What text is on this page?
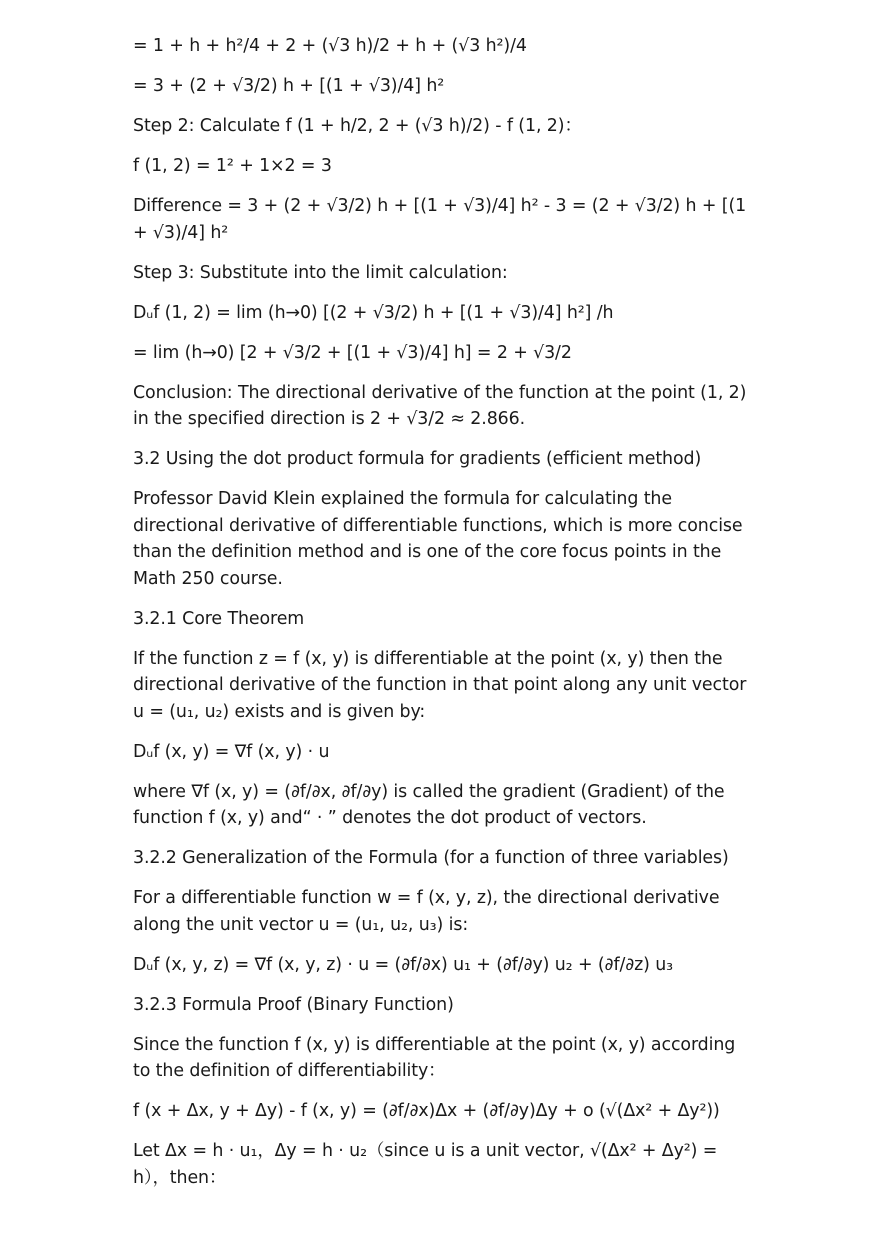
= 1 + h + h²/4 + 2 + (√3 h)/2 + h + (√3 h²)/4

= 3 + (2 + √3/2) h + [(1 + √3)/4] h²

Step 2: Calculate f (1 + h/2, 2 + (√3 h)/2) - f (1, 2)：

f (1, 2) = 1² + 1×2 = 3

Difference = 3 + (2 + √3/2) h + [(1 + √3)/4] h² - 3 = (2 + √3/2) h + [(1 + √3)/4] h²

Step 3: Substitute into the limit calculation:

Dᵤf (1, 2) = lim (h→0) [(2 + √3/2) h + [(1 + √3)/4] h²] /h

= lim (h→0) [2 + √3/2 + [(1 + √3)/4] h] = 2 + √3/2

Conclusion: The directional derivative of the function at the point (1, 2) in the specified direction is 2 + √3/2 ≈ 2.866.

3.2 Using the dot product formula for gradients (efficient method)

Professor David Klein explained the formula for calculating the directional derivative of differentiable functions, which is more concise than the definition method and is one of the core focus points in the Math 250 course.

3.2.1 Core Theorem

If the function z = f (x, y) is differentiable at the point (x, y) then the directional derivative of the function in that point along any unit vector u = (u₁, u₂) exists and is given by:

Dᵤf (x, y) = ∇f (x, y) · u

where ∇f (x, y) = (∂f/∂x, ∂f/∂y) is called the gradient (Gradient) of the function f (x, y) and“ · ” denotes the dot product of vectors.

3.2.2 Generalization of the Formula (for a function of three variables)

For a differentiable function w = f (x, y, z), the directional derivative along the unit vector u = (u₁, u₂, u₃) is:

Dᵤf (x, y, z) = ∇f (x, y, z) · u = (∂f/∂x) u₁ + (∂f/∂y) u₂ + (∂f/∂z) u₃

3.2.3 Formula Proof (Binary Function)

Since the function f (x, y) is differentiable at the point (x, y) according to the definition of differentiability：

f (x + Δx, y + Δy) - f (x, y) = (∂f/∂x)Δx + (∂f/∂y)Δy + o (√(Δx² + Δy²))

Let Δx = h · u₁，Δy = h · u₂（since u is a unit vector, √(Δx² + Δy²) = h），then：
